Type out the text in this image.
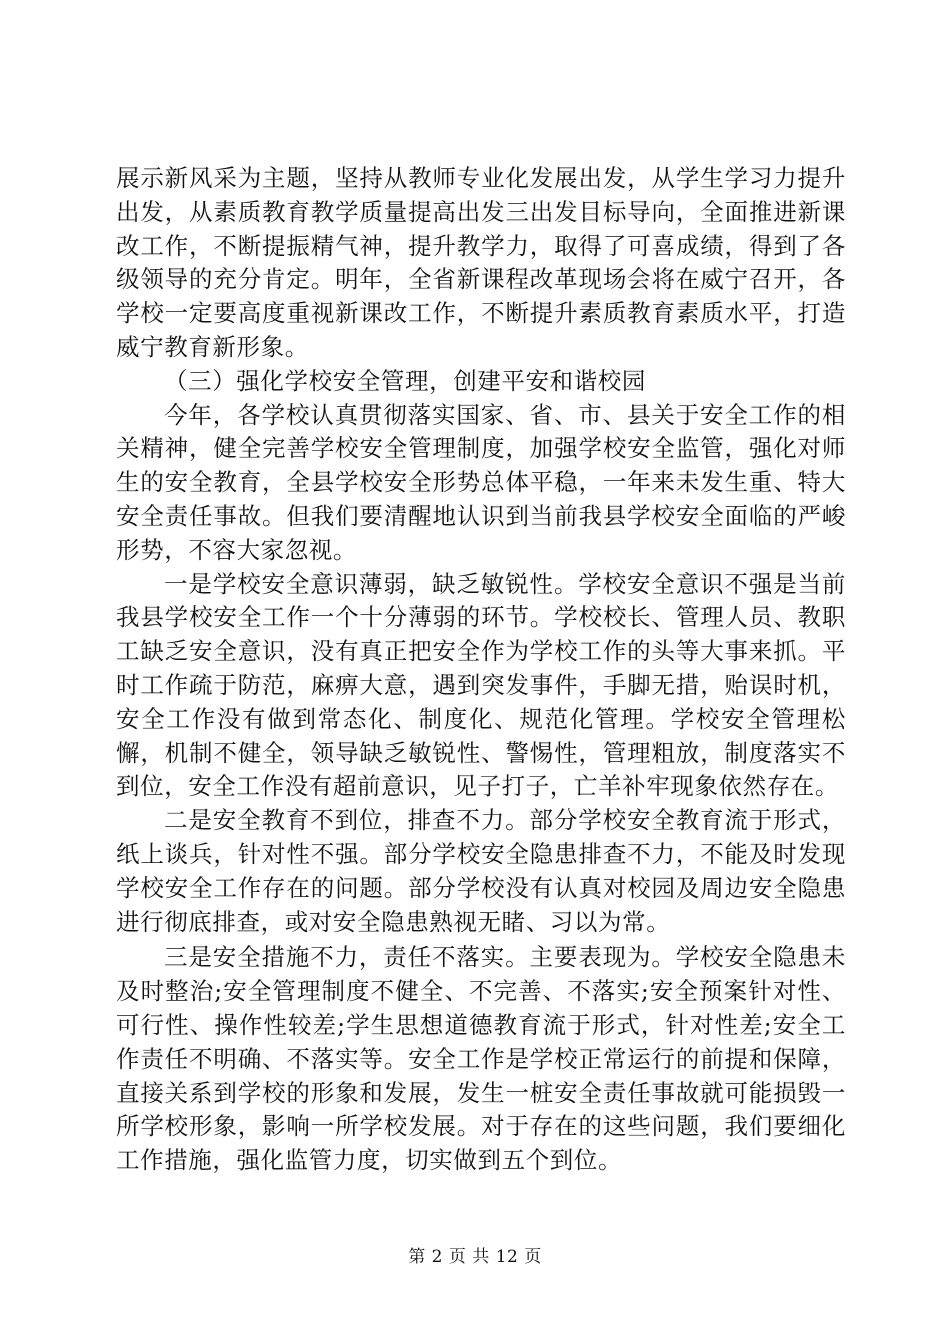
展示新风采为主题，坚持从教师专业化发展出发，从学生学习力提升出发，从素质教育教学质量提高出发三出发目标导向，全面推进新课改工作，不断提振精气神，提升教学力，取得了可喜成绩，得到了各级领导的充分肯定。明年，全省新课程改革现场会将在威宁召开，各学校一定要高度重视新课改工作，不断提升素质教育素质水平，打造威宁教育新形象。

（三）强化学校安全管理，创建平安和谐校园

今年，各学校认真贯彻落实国家、省、市、县关于安全工作的相关精神，健全完善学校安全管理制度，加强学校安全监管，强化对师生的安全教育，全县学校安全形势总体平稳，一年来未发生重、特大安全责任事故。但我们要清醒地认识到当前我县学校安全面临的严峻形势，不容大家忽视。

一是学校安全意识薄弱，缺乏敏锐性。学校安全意识不强是当前我县学校安全工作一个十分薄弱的环节。学校校长、管理人员、教职工缺乏安全意识，没有真正把安全作为学校工作的头等大事来抓。平时工作疏于防范，麻痹大意，遇到突发事件，手脚无措，贻误时机，安全工作没有做到常态化、制度化、规范化管理。学校安全管理松懈，机制不健全，领导缺乏敏锐性、警惕性，管理粗放，制度落实不到位，安全工作没有超前意识，见子打子，亡羊补牢现象依然存在。

二是安全教育不到位，排查不力。部分学校安全教育流于形式，纸上谈兵，针对性不强。部分学校安全隐患排查不力，不能及时发现学校安全工作存在的问题。部分学校没有认真对校园及周边安全隐患进行彻底排查，或对安全隐患熟视无睹、习以为常。

三是安全措施不力，责任不落实。主要表现为。学校安全隐患未及时整治;安全管理制度不健全、不完善、不落实;安全预案针对性、可行性、操作性较差;学生思想道德教育流于形式，针对性差;安全工作责任不明确、不落实等。安全工作是学校正常运行的前提和保障，直接关系到学校的形象和发展，发生一桩安全责任事故就可能损毁一所学校形象，影响一所学校发展。对于存在的这些问题，我们要细化工作措施，强化监管力度，切实做到五个到位。

第 2 页 共 12 页
